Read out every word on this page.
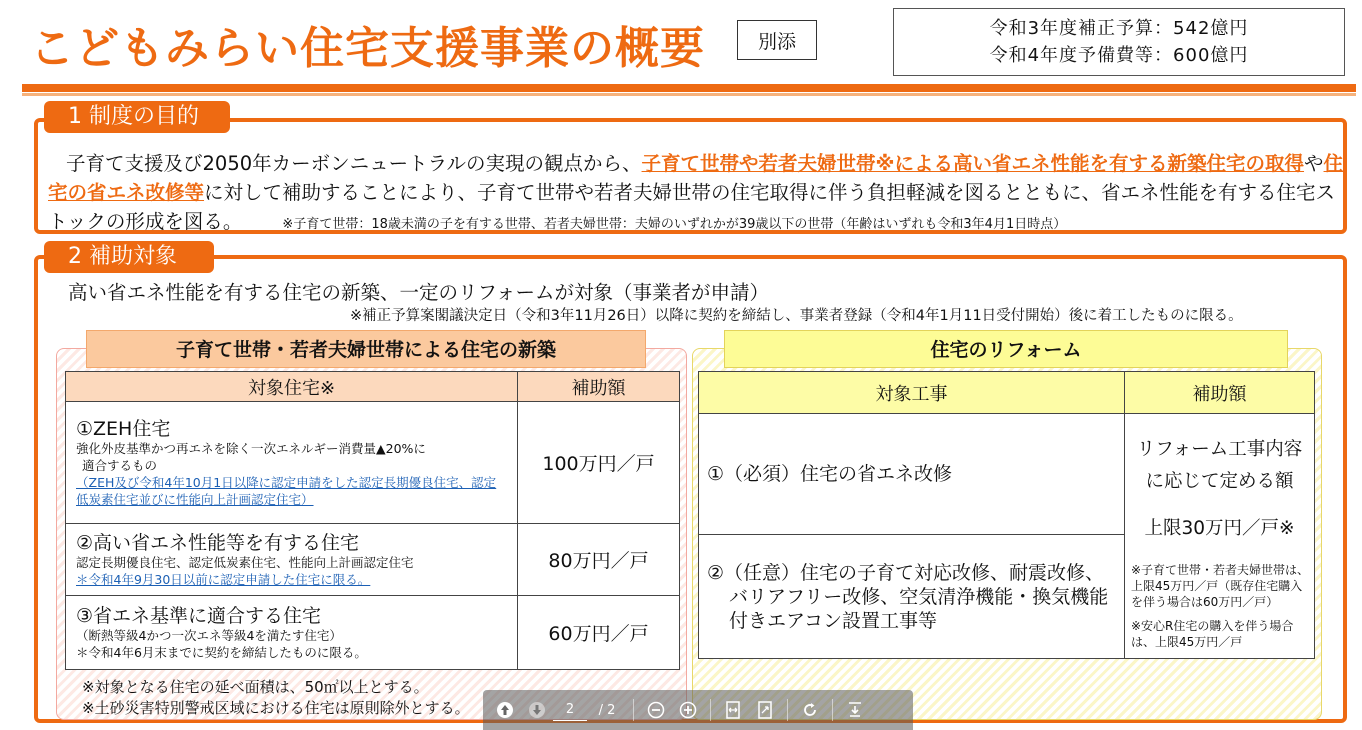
こどもみらい住宅支援事業の概要	別添
令和3年度補正予算：542億円
令和4年度予備費等：600億円
1 制度の目的
子育て支援及び2050年カーボンニュートラルの実現の観点から、子育て世帯や若者夫婦世帯※による高い省エネ性能を有する新築住宅の取得や住宅の省エネ改修等に対して補助することにより、子育て世帯や若者夫婦世帯の住宅取得に伴う負担軽減を図るとともに、省エネ性能を有する住宅ストックの形成を図る。	※子育て世帯：18歳未満の子を有する世帯、若者夫婦世帯：夫婦のいずれかが39歳以下の世帯（年齢はいずれも令和3年4月1日時点）
2 補助対象
高い省エネ性能を有する住宅の新築、一定のリフォームが対象（事業者が申請）
※補正予算案閣議決定日（令和3年11月26日）以降に契約を締結し、事業者登録（令和4年1月11日受付開始）後に着工したものに限る。
子育て世帯・若者夫婦世帯による住宅の新築
対象住宅※	補助額

①ZEH住宅
強化外皮基準かつ再エネを除く一次エネルギー消費量▲20%に
適合するもの
（ZEH及び令和4年10月1日以降に認定申請をした認定長期優良住宅、認定低炭素住宅並びに性能向上計画認定住宅）	100万円／戸

②高い省エネ性能等を有する住宅
認定長期優良住宅、認定低炭素住宅、性能向上計画認定住宅
＊令和4年9月30日以前に認定申請した住宅に限る。	80万円／戸

③省エネ基準に適合する住宅
（断熱等級4かつ一次エネ等級4を満たす住宅）
＊令和4年6月末までに契約を締結したものに限る。	60万円／戸
※対象となる住宅の延べ面積は、50㎡以上とする。
※土砂災害特別警戒区域における住宅は原則除外とする。
住宅のリフォーム
対象工事	補助額
①（必須）住宅の省エネ改修	リフォーム工事内容
に応じて定める額
上限30万円／戸※

※子育て世帯・若者夫婦世帯は、上限45万円／戸（既存住宅購入を伴う場合は60万円／戸）

※安心R住宅の購入を伴う場合は、上限45万円／戸

②（任意）住宅の子育て対応改修、耐震改修、
バリアフリー改修、空気清浄機能・換気機能
付きエアコン設置工事等	
2
/ 2
